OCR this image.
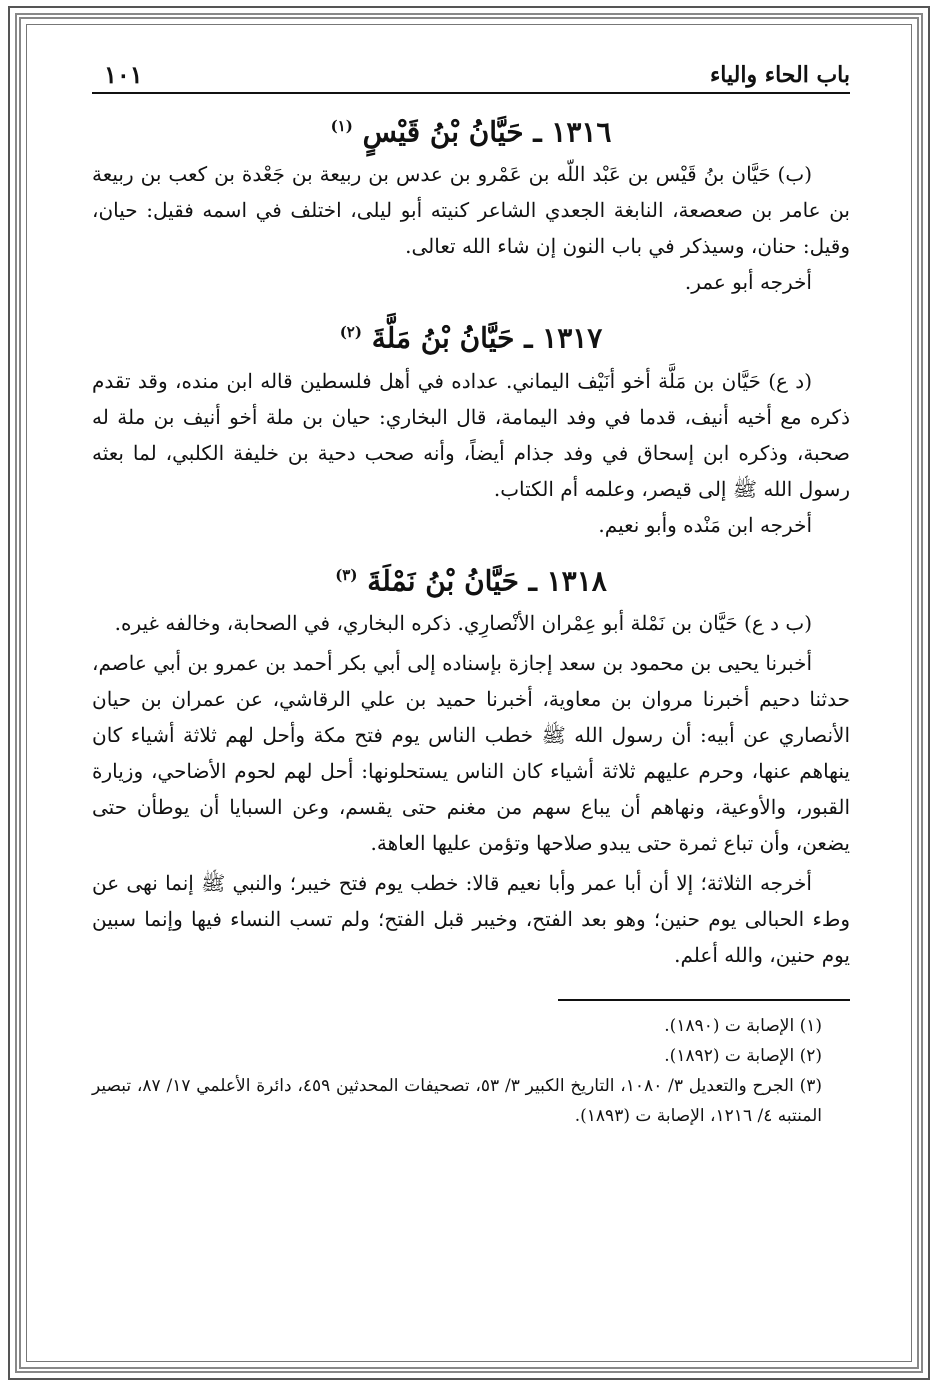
باب الحاء والياء
١٠١
١٣١٦ ـ حَيَّانُ بْنُ قَيْسٍ $^{(١)}$

(ب) حَيَّان بنُ قَيْس بن عَبْد اللّه بن عَمْرو بن عدس بن ربيعة بن جَعْدة بن كعب بن ربيعة بن عامر بن صعصعة، النابغة الجعدي الشاعر كنيته أبو ليلى، اختلف في اسمه فقيل: حيان، وقيل: حنان، وسيذكر في باب النون إن شاء الله تعالى.

أخرجه أبو عمر.

١٣١٧ ـ حَيَّانُ بْنُ مَلَّةَ $^{(٢)}$

(د ع) حَيَّان بن مَلَّة أخو أنَيْف اليماني. عداده في أهل فلسطين قاله ابن منده، وقد تقدم ذكره مع أخيه أنيف، قدما في وفد اليمامة، قال البخاري: حيان بن ملة أخو أنيف بن ملة له صحبة، وذكره ابن إسحاق في وفد جذام أيضاً، وأنه صحب دحية بن خليفة الكلبي، لما بعثه رسول الله ﷺ إلى قيصر، وعلمه أم الكتاب.

أخرجه ابن مَنْده وأبو نعيم.

١٣١٨ ـ حَيَّانُ بْنُ نَمْلَةَ $^{(٣)}$

(ب د ع) حَيَّان بن نَمْلة أبو عِمْران الأنْصارِي. ذكره البخاري، في الصحابة، وخالفه غيره.

أخبرنا يحيى بن محمود بن سعد إجازة بإسناده إلى أبي بكر أحمد بن عمرو بن أبي عاصم، حدثنا دحيم أخبرنا مروان بن معاوية، أخبرنا حميد بن علي الرقاشي، عن عمران بن حيان الأنصاري عن أبيه: أن رسول الله ﷺ خطب الناس يوم فتح مكة وأحل لهم ثلاثة أشياء كان ينهاهم عنها، وحرم عليهم ثلاثة أشياء كان الناس يستحلونها: أحل لهم لحوم الأضاحي، وزيارة القبور، والأوعية، ونهاهم أن يباع سهم من مغنم حتى يقسم، وعن السبايا أن يوطأن حتى يضعن، وأن تباع ثمرة حتى يبدو صلاحها وتؤمن عليها العاهة.

أخرجه الثلاثة؛ إلا أن أبا عمر وأبا نعيم قالا: خطب يوم فتح خيبر؛ والنبي ﷺ إنما نهى عن وطء الحبالى يوم حنين؛ وهو بعد الفتح، وخيبر قبل الفتح؛ ولم تسب النساء فيها وإنما سبين يوم حنين، والله أعلم.

(١) الإصابة ت (١٨٩٠).

(٢) الإصابة ت (١٨٩٢).

(٣) الجرح والتعديل ٣/ ١٠٨٠، التاريخ الكبير ٣/ ٥٣، تصحيفات المحدثين ٤٥٩، دائرة الأعلمي ١٧/ ٨٧، تبصير المنتبه ٤/ ١٢١٦، الإصابة ت (١٨٩٣).
